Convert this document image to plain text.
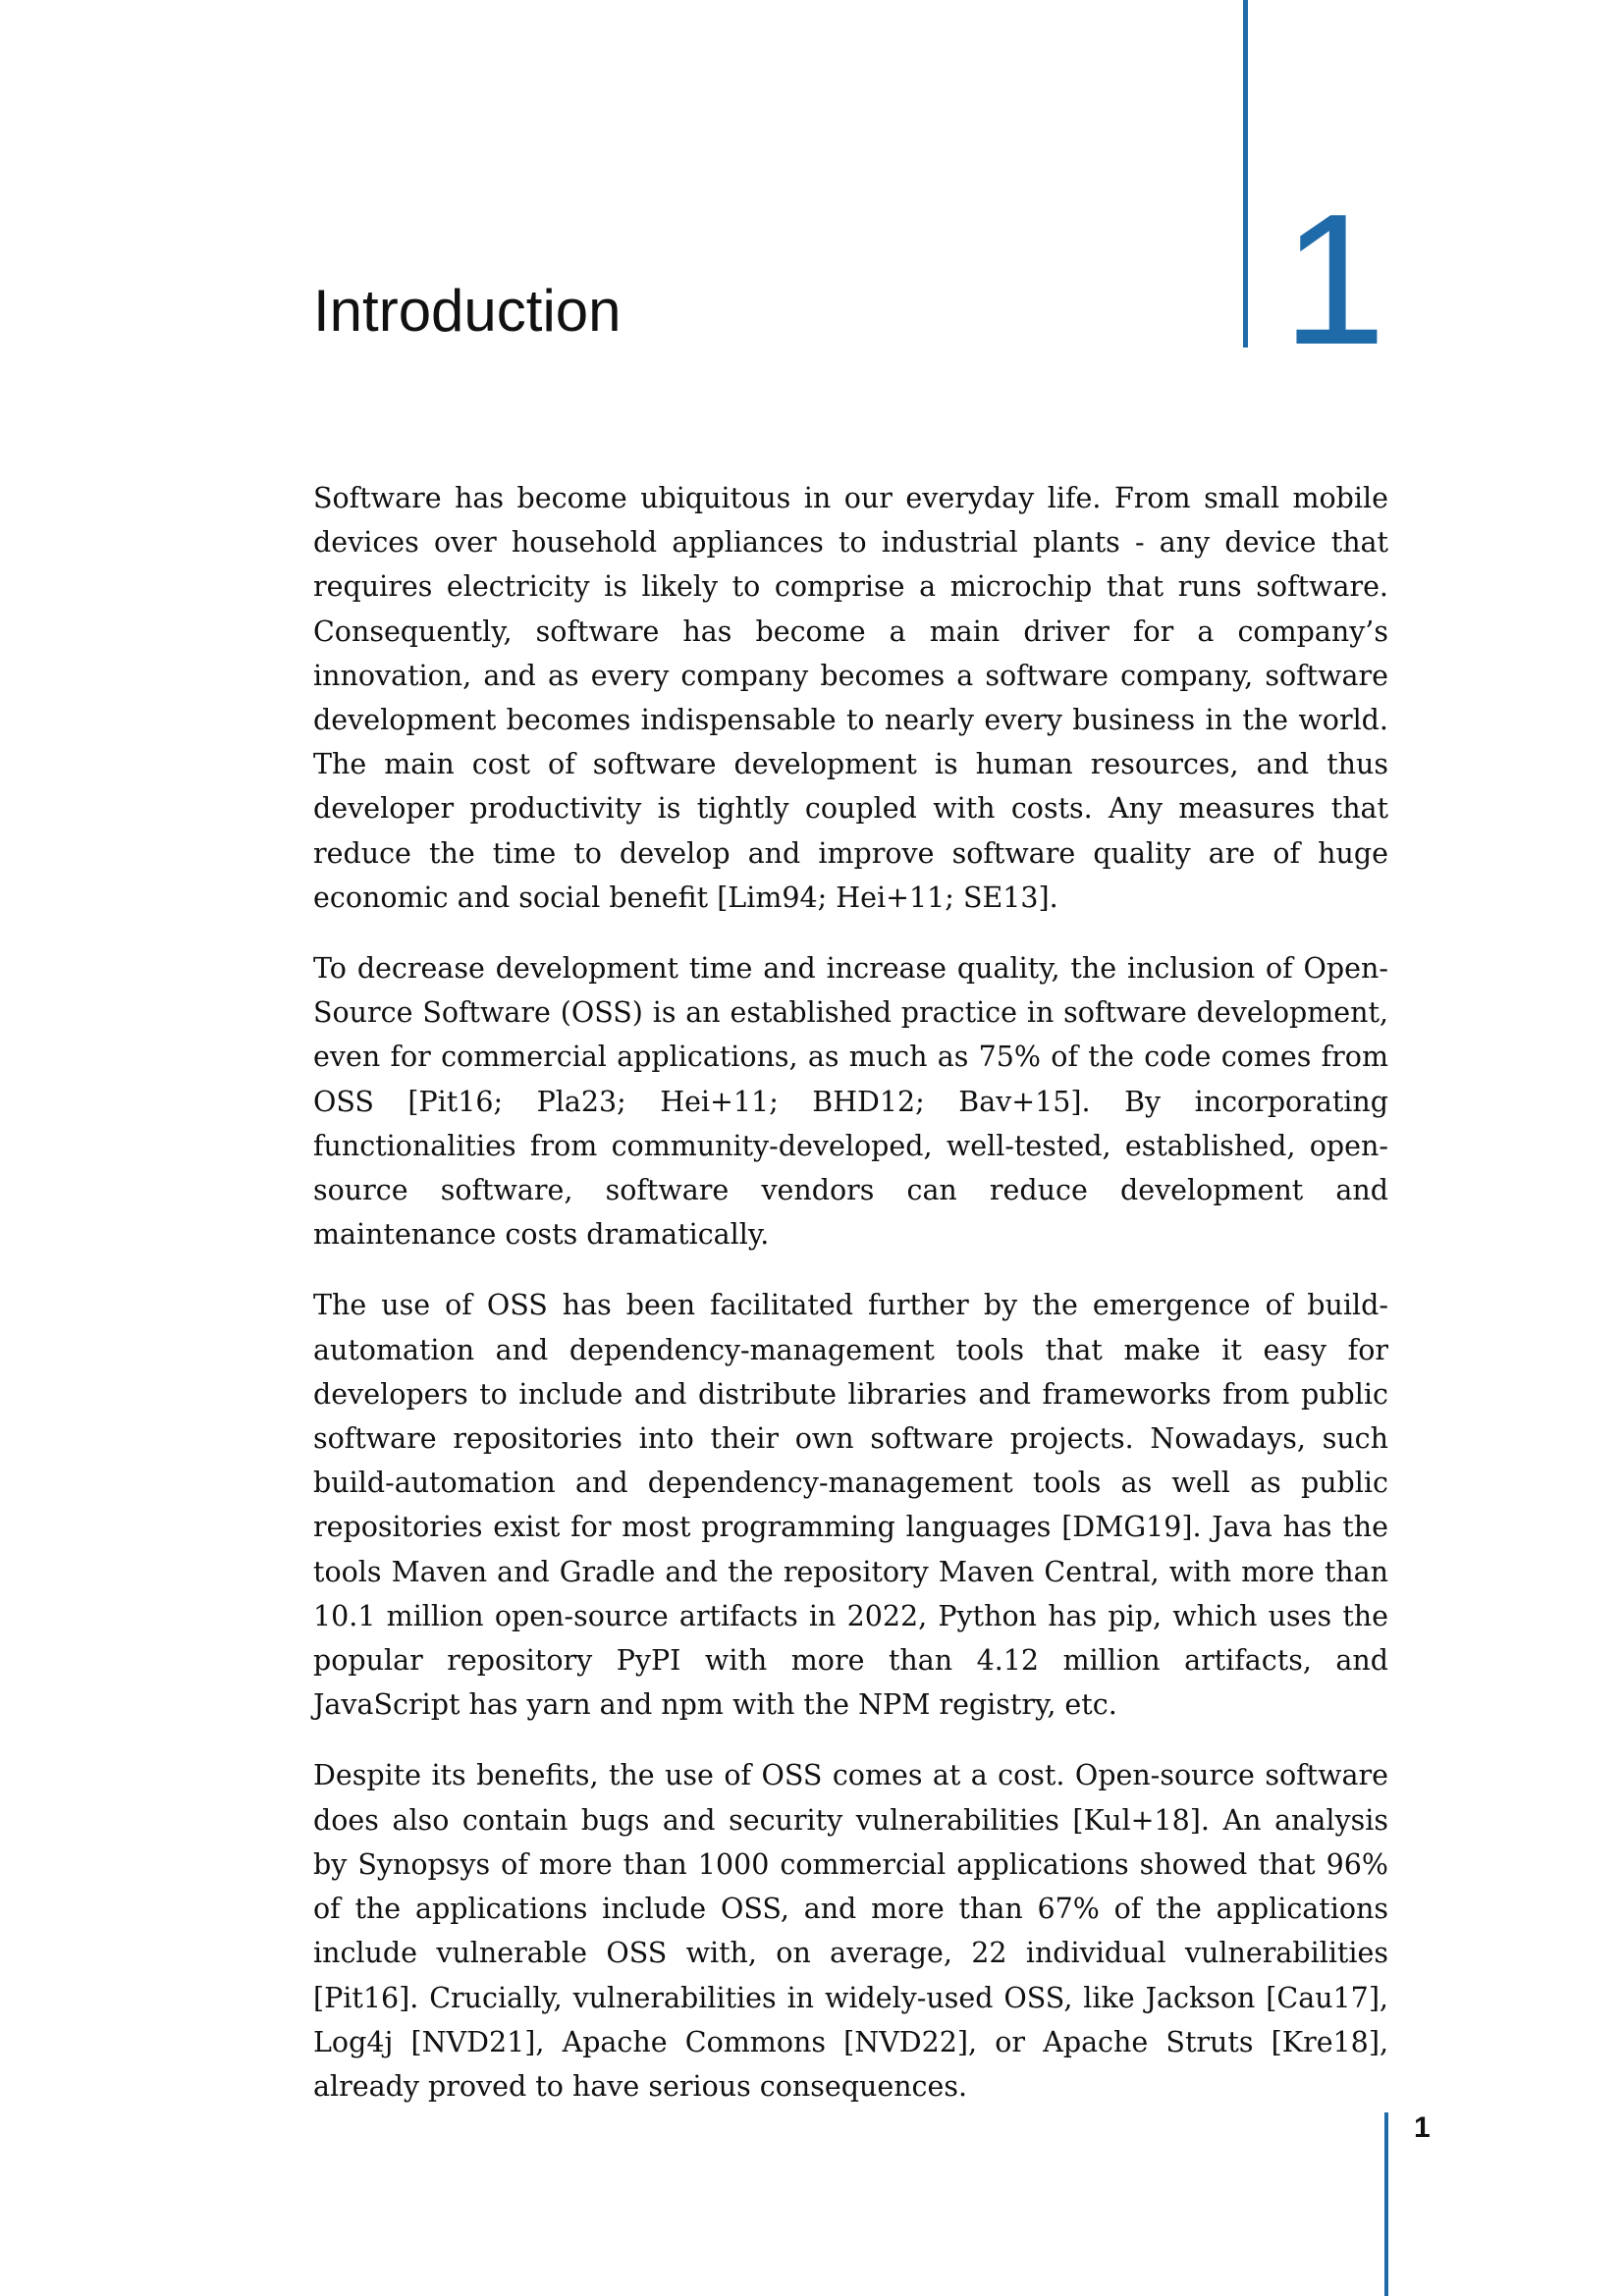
1
Introduction

Software has become ubiquitous in our everyday life. From small mobile devices over household appliances to industrial plants - any device that requires electricity is likely to comprise a microchip that runs software. Consequently, software has become a main driver for a company’s innovation, and as every company becomes a software company, software development becomes indispensable to nearly every business in the world. The main cost of software development is human resources, and thus developer productivity is tightly coupled with costs. Any measures that reduce the time to develop and improve software quality are of huge economic and social benefit [Lim94; Hei+11; SE13].

To decrease development time and increase quality, the inclusion of Open-Source Software (OSS) is an established practice in software development, even for commercial applications, as much as 75% of the code comes from OSS [Pit16; Pla23; Hei+11; BHD12; Bav+15]. By incorporating functionalities from community-developed, well-tested, established, open-source software, software vendors can reduce development and maintenance costs dramatically.

The use of OSS has been facilitated further by the emergence of build-automation and dependency-management tools that make it easy for developers to include and distribute libraries and frameworks from public software repositories into their own software projects. Nowadays, such build-automation and dependency-management tools as well as public repositories exist for most programming languages [DMG19]. Java has the tools Maven and Gradle and the repository Maven Central, with more than 10.1 million open-source artifacts in 2022, Python has pip, which uses the popular repository PyPI with more than 4.12 million artifacts, and JavaScript has yarn and npm with the NPM registry, etc.

Despite its benefits, the use of OSS comes at a cost. Open-source software does also contain bugs and security vulnerabilities [Kul+18]. An analysis by Synopsys of more than 1000 commercial applications showed that 96% of the applications include OSS, and more than 67% of the applications include vulnerable OSS with, on average, 22 individual vulnerabilities [Pit16]. Crucially, vulnerabilities in widely-used OSS, like Jackson [Cau17], Log4j [NVD21], Apache Commons [NVD22], or Apache Struts [Kre18], already proved to have serious consequences.

1
